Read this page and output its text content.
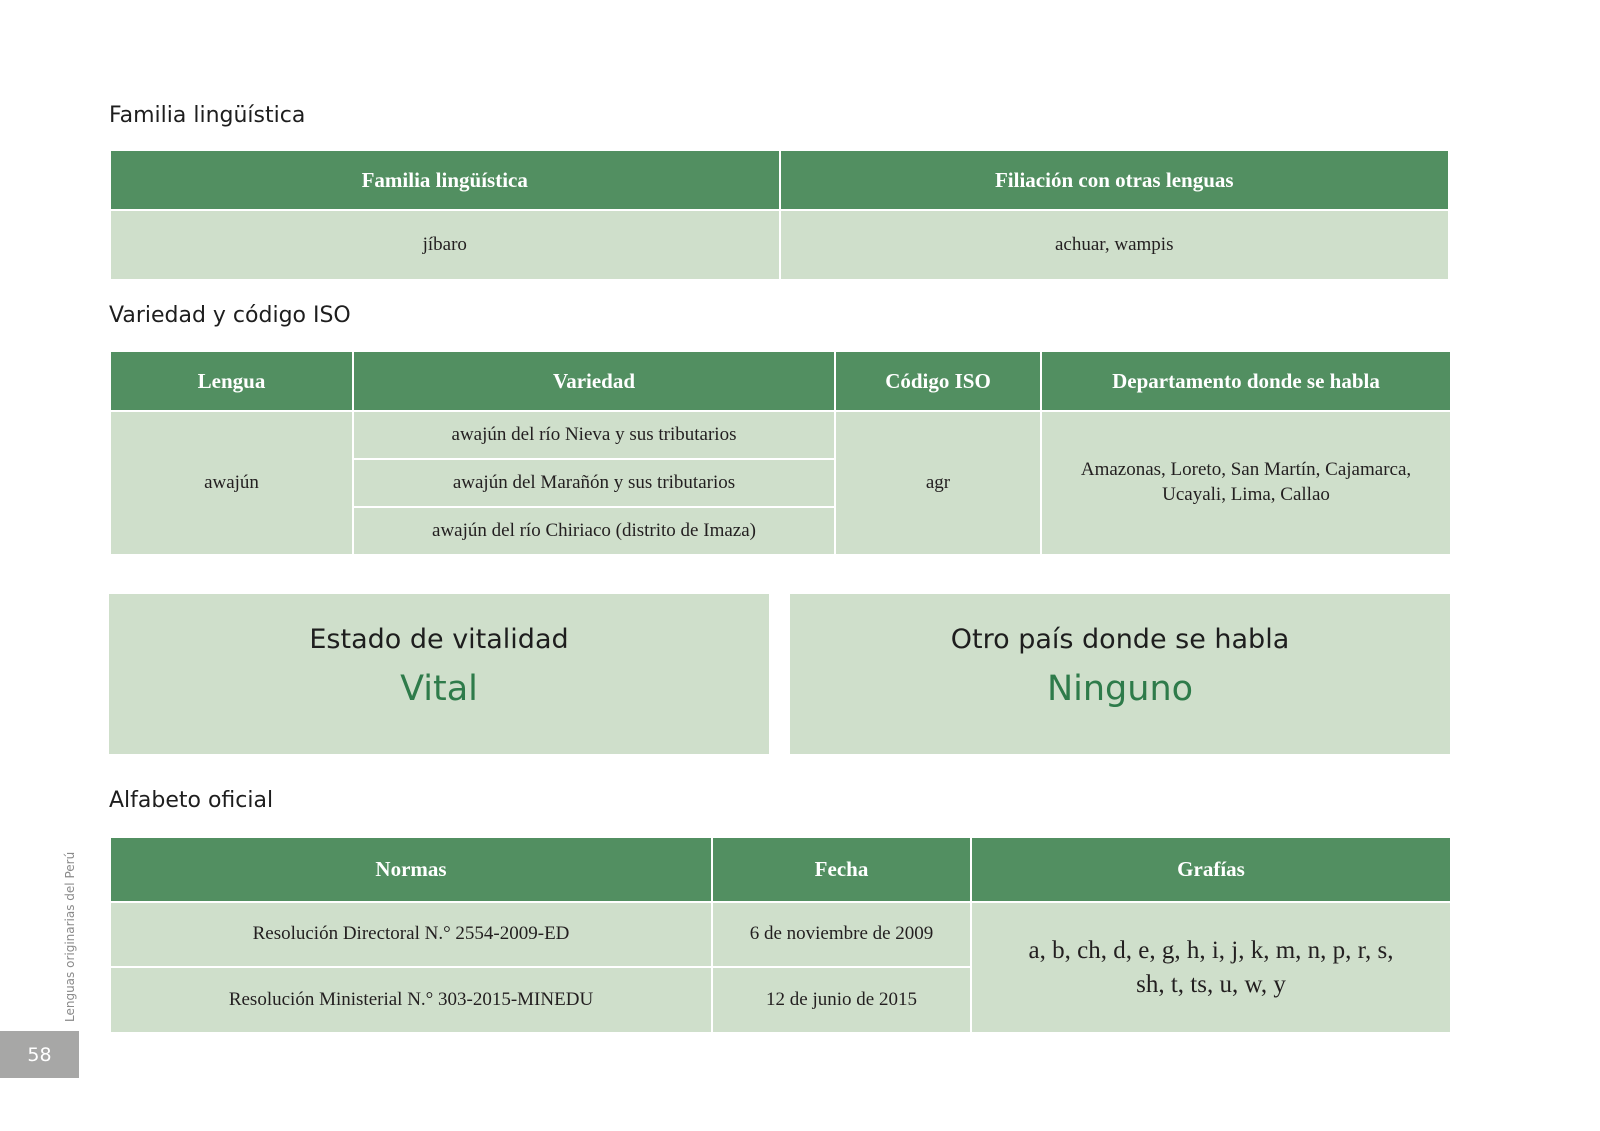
Familia lingüística
Familia lingüística	Filiación con otras lenguas
jíbaro	achuar, wampis
Variedad y código ISO
Lengua	Variedad	Código ISO	Departamento donde se habla
awajún	awajún del río Nieva y sus tributarios	agr	Amazonas, Loreto, San Martín, Cajamarca, Ucayali, Lima, Callao
	awajún del Marañón y sus tributarios		
	awajún del río Chiriaco (distrito de Imaza)		
Estado de vitalidad
Vital
Otro país donde se habla
Ninguno
Alfabeto oficial
Normas	Fecha	Grafías
Resolución Directoral N.° 2554-2009-ED	6 de noviembre de 2009	a, b, ch, d, e, g, h, i, j, k, m, n, p, r, s, sh, t, ts, u, w, y
Resolución Ministerial N.° 303-2015-MINEDU	12 de junio de 2015	
Lenguas originarias del Perú
58
